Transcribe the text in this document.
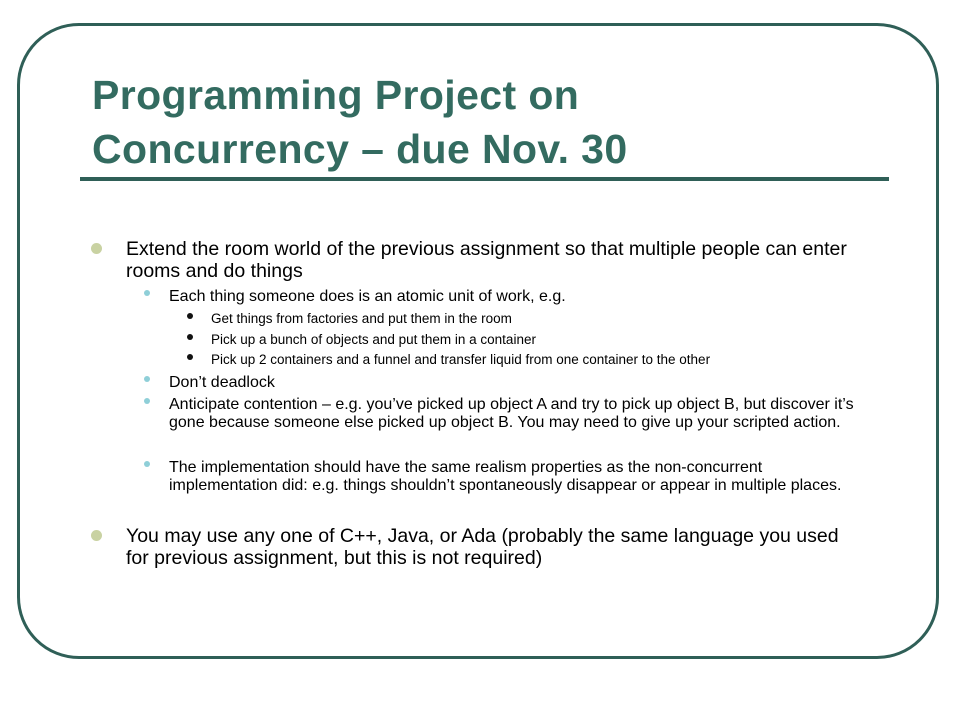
Programming Project on
Concurrency – due Nov. 30
Extend the room world of the previous assignment so that multiple people can enter rooms and do things
Each thing someone does is an atomic unit of work, e.g.
Get things from factories and put them in the room
Pick up a bunch of objects and put them in a container
Pick up 2 containers and a funnel and transfer liquid from one container to the other
Don’t deadlock
Anticipate contention – e.g. you’ve picked up object A and try to pick up object B, but discover it’s gone because someone else picked up object B. You may need to give up your scripted action.
The implementation should have the same realism properties as the non-concurrent implementation did: e.g. things shouldn’t spontaneously disappear or appear in multiple places.
You may use any one of C++, Java, or Ada (probably the same language you used for previous assignment, but this is not required)
